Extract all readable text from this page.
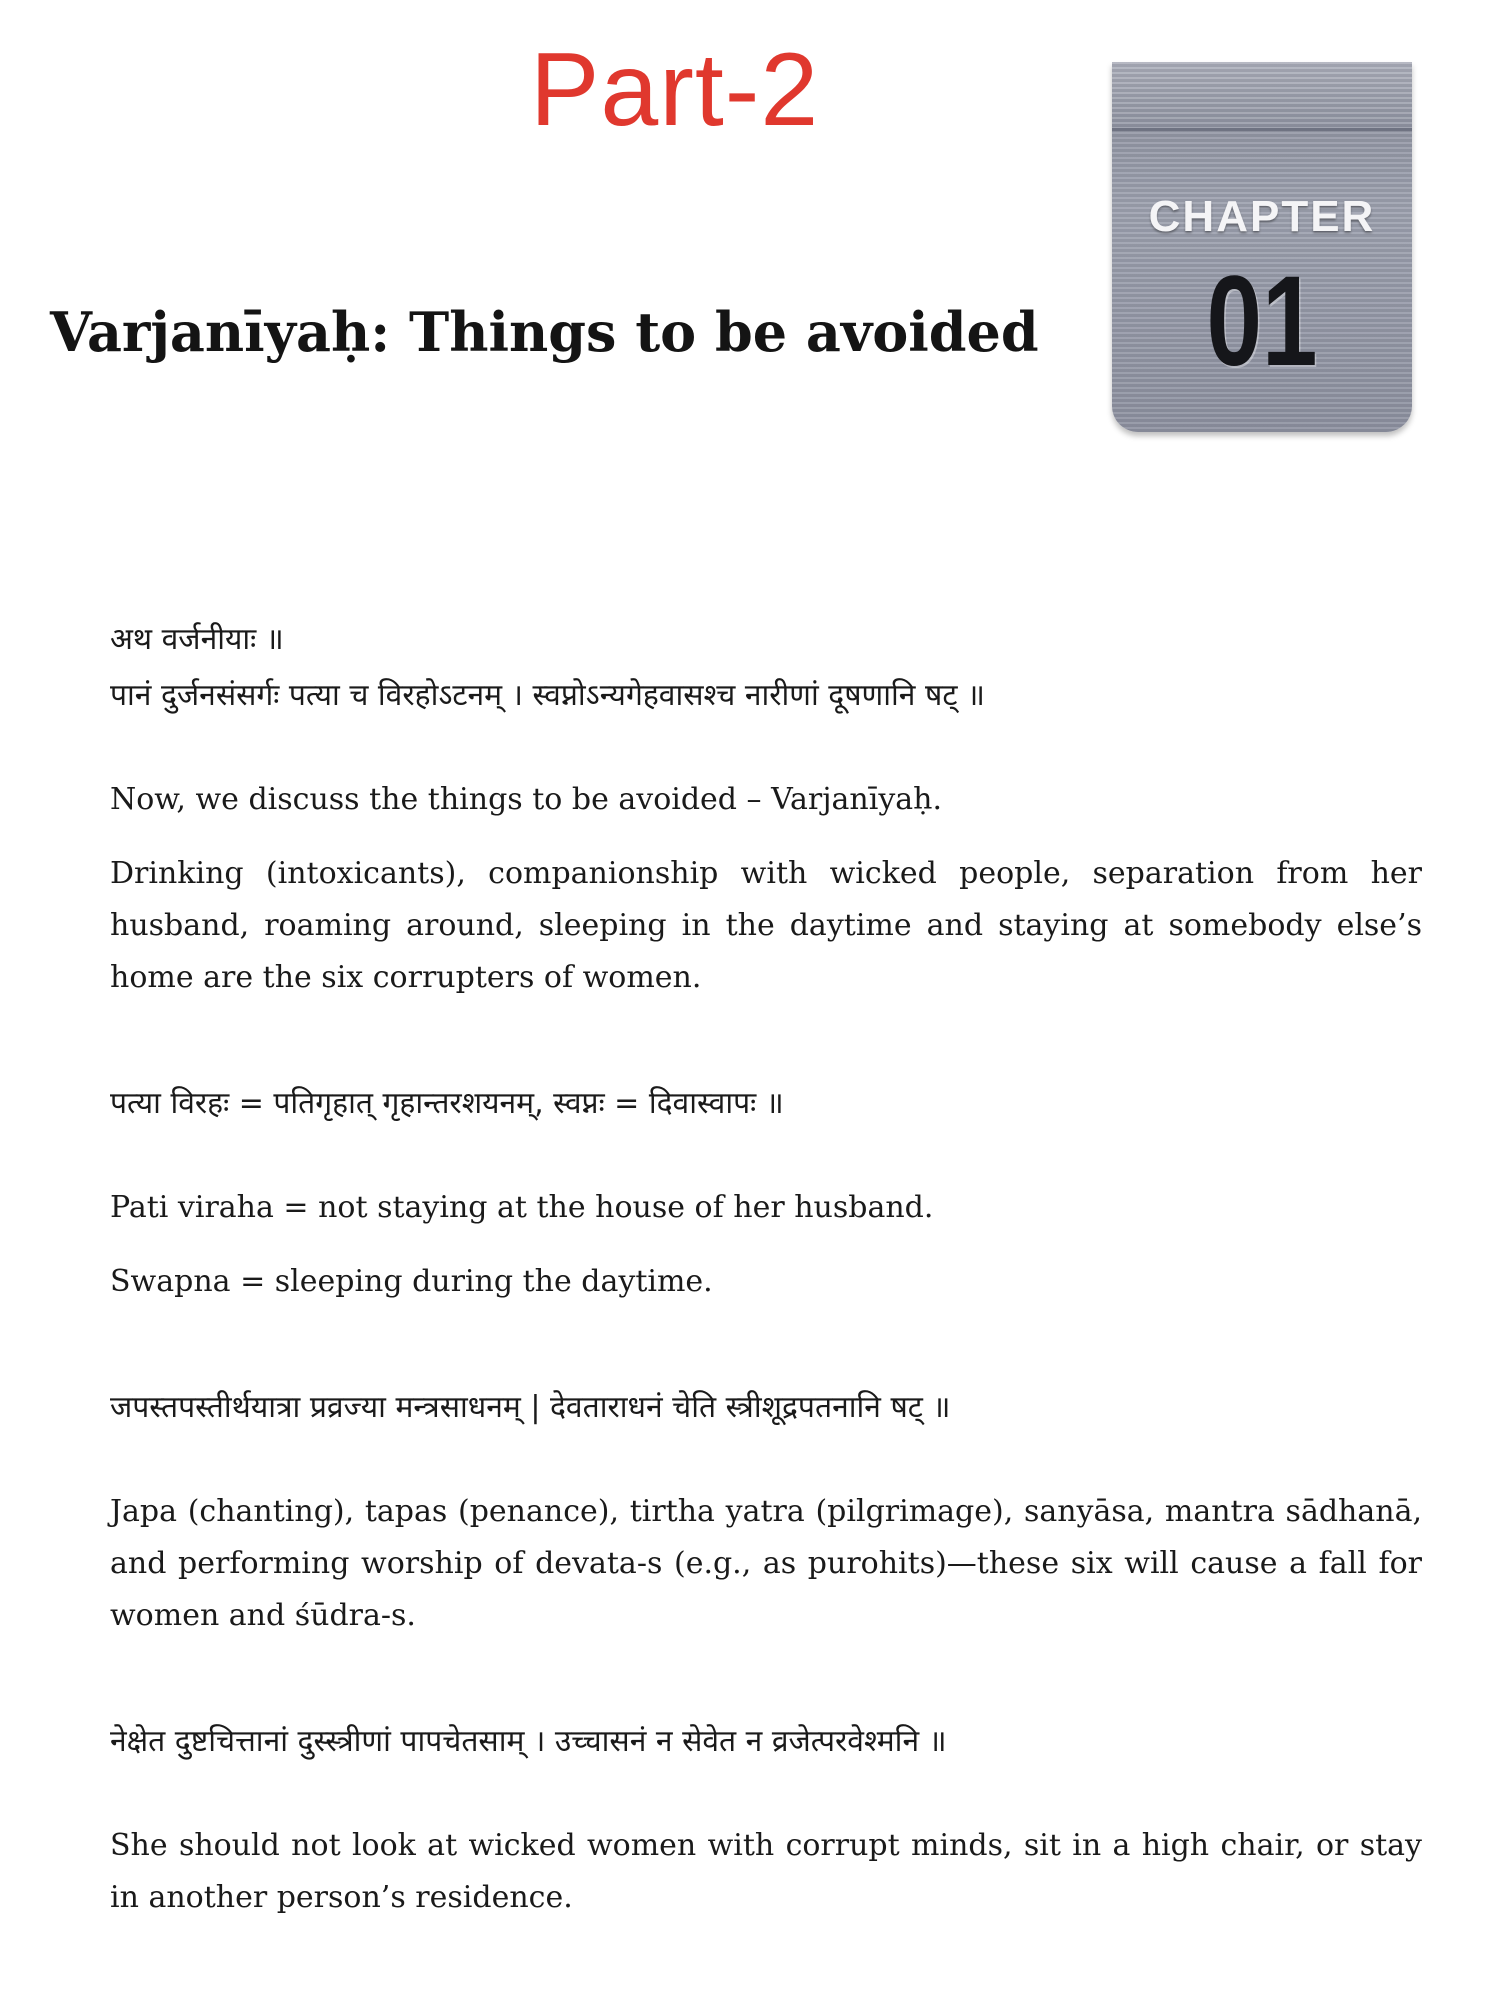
Part-2
CHAPTER
01
Varjanīyaḥ: Things to be avoided

अथ वर्जनीयाः ॥

पानं दुर्जनसंसर्गः पत्या च विरहोऽटनम् । स्वप्नोऽन्यगेहवासश्च नारीणां दूषणानि षट् ॥

Now, we discuss the things to be avoided – Varjanīyaḥ.

Drinking (intoxicants), companionship with wicked people, separation from her husband, roaming around, sleeping in the daytime and staying at somebody else’s home are the six corrupters of women.

पत्या विरहः = पतिगृहात् गृहान्तरशयनम्, स्वप्नः = दिवास्वापः ॥

Pati viraha = not staying at the house of her husband.

Swapna = sleeping during the daytime.

जपस्तपस्तीर्थयात्रा प्रव्रज्या मन्त्रसाधनम् | देवताराधनं चेति स्त्रीशूद्रपतनानि षट् ॥

Japa (chanting), tapas (penance), tirtha yatra (pilgrimage), sanyāsa, mantra sādhanā, and performing worship of devata-s (e.g., as purohits)—these six will cause a fall for women and śūdra-s.

नेक्षेत दुष्टचित्तानां दुस्स्त्रीणां पापचेतसाम् । उच्चासनं न सेवेत न व्रजेत्परवेश्मनि ॥

She should not look at wicked women with corrupt minds, sit in a high chair, or stay in another person’s residence.
